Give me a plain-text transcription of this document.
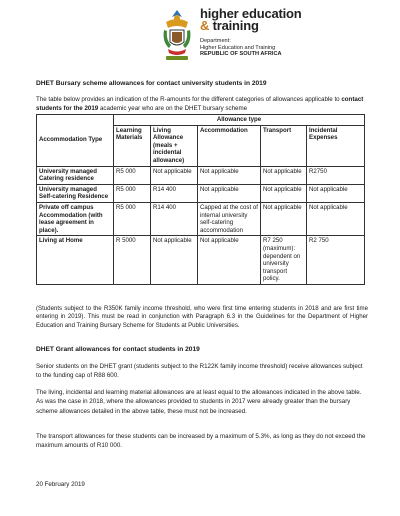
higher education
& training
Department:
Higher Education and Training
REPUBLIC OF SOUTH AFRICA
DHET Bursary scheme allowances for contact university students in 2019

The table below provides an indication of the R-amounts for the different categories of allowances applicable to contact students for the 2019 academic year who are on the DHET bursary scheme

Accommodation Type	Allowance type				
	Learning Materials	Living Allowance (meals + incidental allowance)	Accommodation	Transport	Incidental Expenses
University managed Catering residence	R5 000	Not applicable	Not applicable	Not applicable	R2750
University managed Self-catering Residence	R5 000	R14 400	Not applicable	Not applicable	Not applicable
Private off campus Accommodation (with lease agreement in place).	R5 000	R14 400	Capped at the cost of internal university self-catering accommodation	Not applicable	Not applicable
Living at Home	R 5000	Not applicable	Not applicable	R7 250 (maximum): dependent on university transport policy.	R2 750

(Students subject to the R350K family income threshold, who were first time entering students in 2018 and are first time entering in 2019). This must be read in conjunction with Paragraph 6.3 in the Guidelines for the Department of Higher Education and Training Bursary Scheme for Students at Public Universities.

DHET Grant allowances for contact students in 2019

Senior students on the DHET grant (students subject to the R122K family income threshold) receive allowances subject to the funding cap of R88 600.

The living, incidental and learning material allowances are at least equal to the allowances indicated in the above table. As was the case in 2018, where the allowances provided to students in 2017 were already greater than the bursary scheme allowances detailed in the above table, these must not be increased.

The transport allowances for these students can be increased by a maximum of 5.3%, as long as they do not exceed the maximum amounts of R10 000.

20 February 2019
